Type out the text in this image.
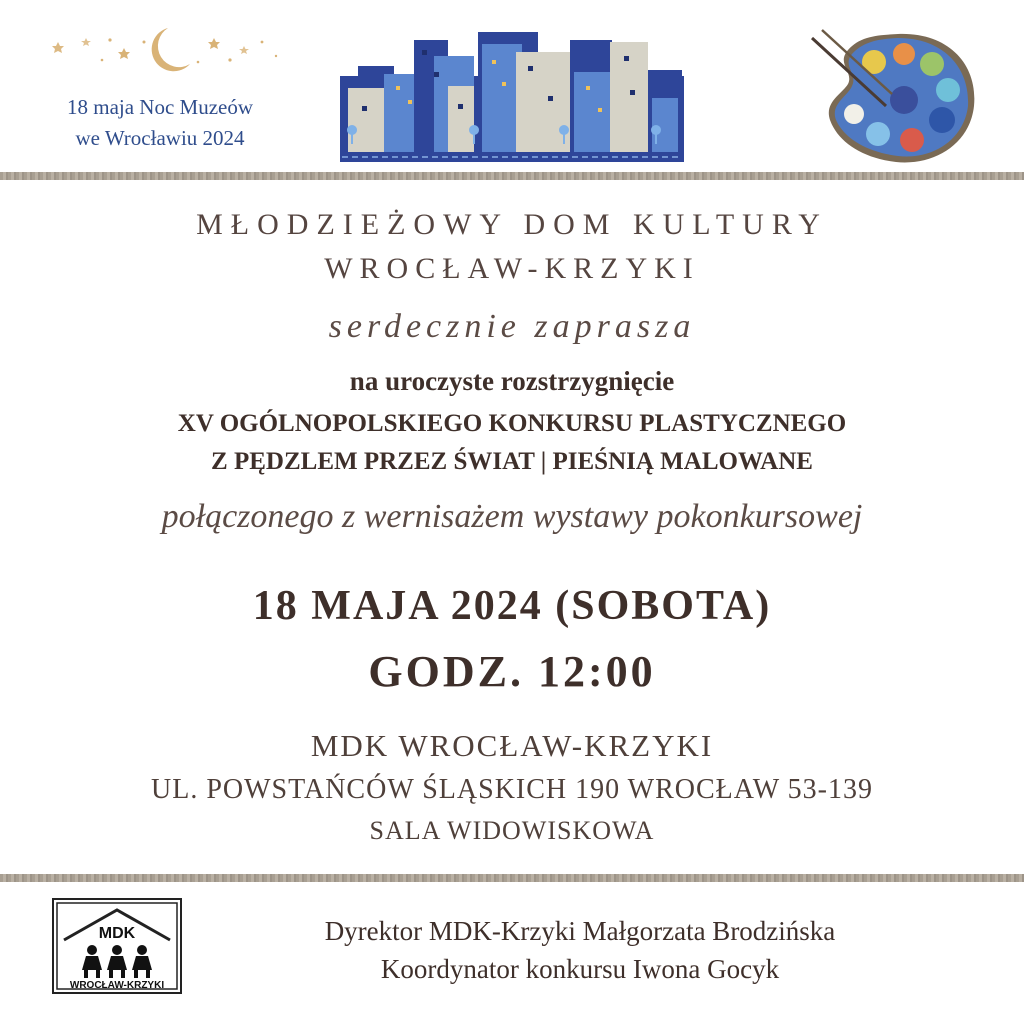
18 maja Noc Muzeów
we Wrocławiu 2024
MŁODZIEŻOWY DOM KULTURY
WROCŁAW-KRZYKI
serdecznie zaprasza
na uroczyste rozstrzygnięcie
XV OGÓLNOPOLSKIEGO KONKURSU PLASTYCZNEGO
Z PĘDZLEM PRZEZ ŚWIAT | PIEŚNIĄ MALOWANE
połączonego z wernisażem wystawy pokonkursowej
18 MAJA 2024 (SOBOTA)
GODZ. 12:00
MDK WROCŁAW-KRZYKI
UL. POWSTAŃCÓW ŚLĄSKICH 190 WROCŁAW 53-139
SALA WIDOWISKOWA
MDK
WROCŁAW-KRZYKI
Dyrektor MDK-Krzyki Małgorzata Brodzińska
Koordynator konkursu Iwona Gocyk
